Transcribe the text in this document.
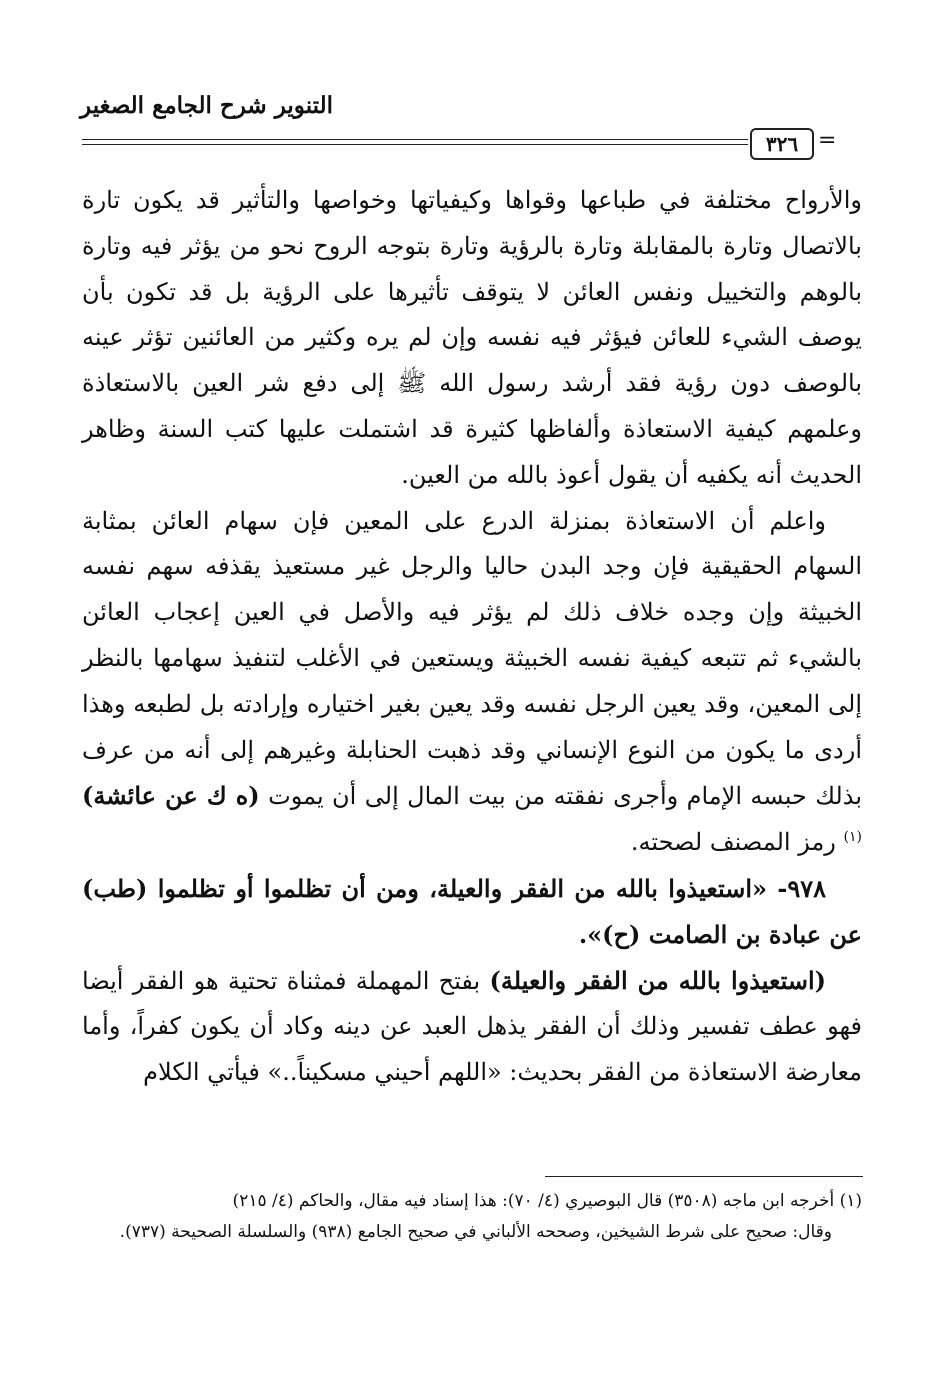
التنوير شرح الجامع الصغير
٣٢٦ =

والأرواح مختلفة في طباعها وقواها وكيفياتها وخواصها والتأثير قد يكون تارة بالاتصال وتارة بالمقابلة وتارة بالرؤية وتارة بتوجه الروح نحو من يؤثر فيه وتارة بالوهم والتخييل ونفس العائن لا يتوقف تأثيرها على الرؤية بل قد تكون بأن يوصف الشيء للعائن فيؤثر فيه نفسه وإن لم يره وكثير من العائنين تؤثر عينه بالوصف دون رؤية فقد أرشد رسول الله ﷺ إلى دفع شر العين بالاستعاذة وعلمهم كيفية الاستعاذة وألفاظها كثيرة قد اشتملت عليها كتب السنة وظاهر الحديث أنه يكفيه أن يقول أعوذ بالله من العين.

واعلم أن الاستعاذة بمنزلة الدرع على المعين فإن سهام العائن بمثابة السهام الحقيقية فإن وجد البدن حاليا والرجل غير مستعيذ يقذفه سهم نفسه الخبيثة وإن وجده خلاف ذلك لم يؤثر فيه والأصل في العين إعجاب العائن بالشيء ثم تتبعه كيفية نفسه الخبيثة ويستعين في الأغلب لتنفيذ سهامها بالنظر إلى المعين، وقد يعين الرجل نفسه وقد يعين بغير اختياره وإرادته بل لطبعه وهذا أردى ما يكون من النوع الإنساني وقد ذهبت الحنابلة وغيرهم إلى أنه من عرف بذلك حبسه الإمام وأجرى نفقته من بيت المال إلى أن يموت (ه ك عن عائشة)$^{(١)}$ رمز المصنف لصحته.

٩٧٨- «استعيذوا بالله من الفقر والعيلة، ومن أن تظلموا أو تظلموا (طب) عن عبادة بن الصامت (ح)».

(استعيذوا بالله من الفقر والعيلة) بفتح المهملة فمثناة تحتية هو الفقر أيضا فهو عطف تفسير وذلك أن الفقر يذهل العبد عن دينه وكاد أن يكون كفراً، وأما معارضة الاستعاذة من الفقر بحديث: «اللهم أحيني مسكيناً..» فيأتي الكلام

(١) أخرجه ابن ماجه (٣٥٠٨) قال البوصيري (٤/ ٧٠): هذا إسناد فيه مقال، والحاكم (٤/ ٢١٥)

وقال: صحيح على شرط الشيخين، وصححه الألباني في صحيح الجامع (٩٣٨) والسلسلة الصحيحة (٧٣٧).
